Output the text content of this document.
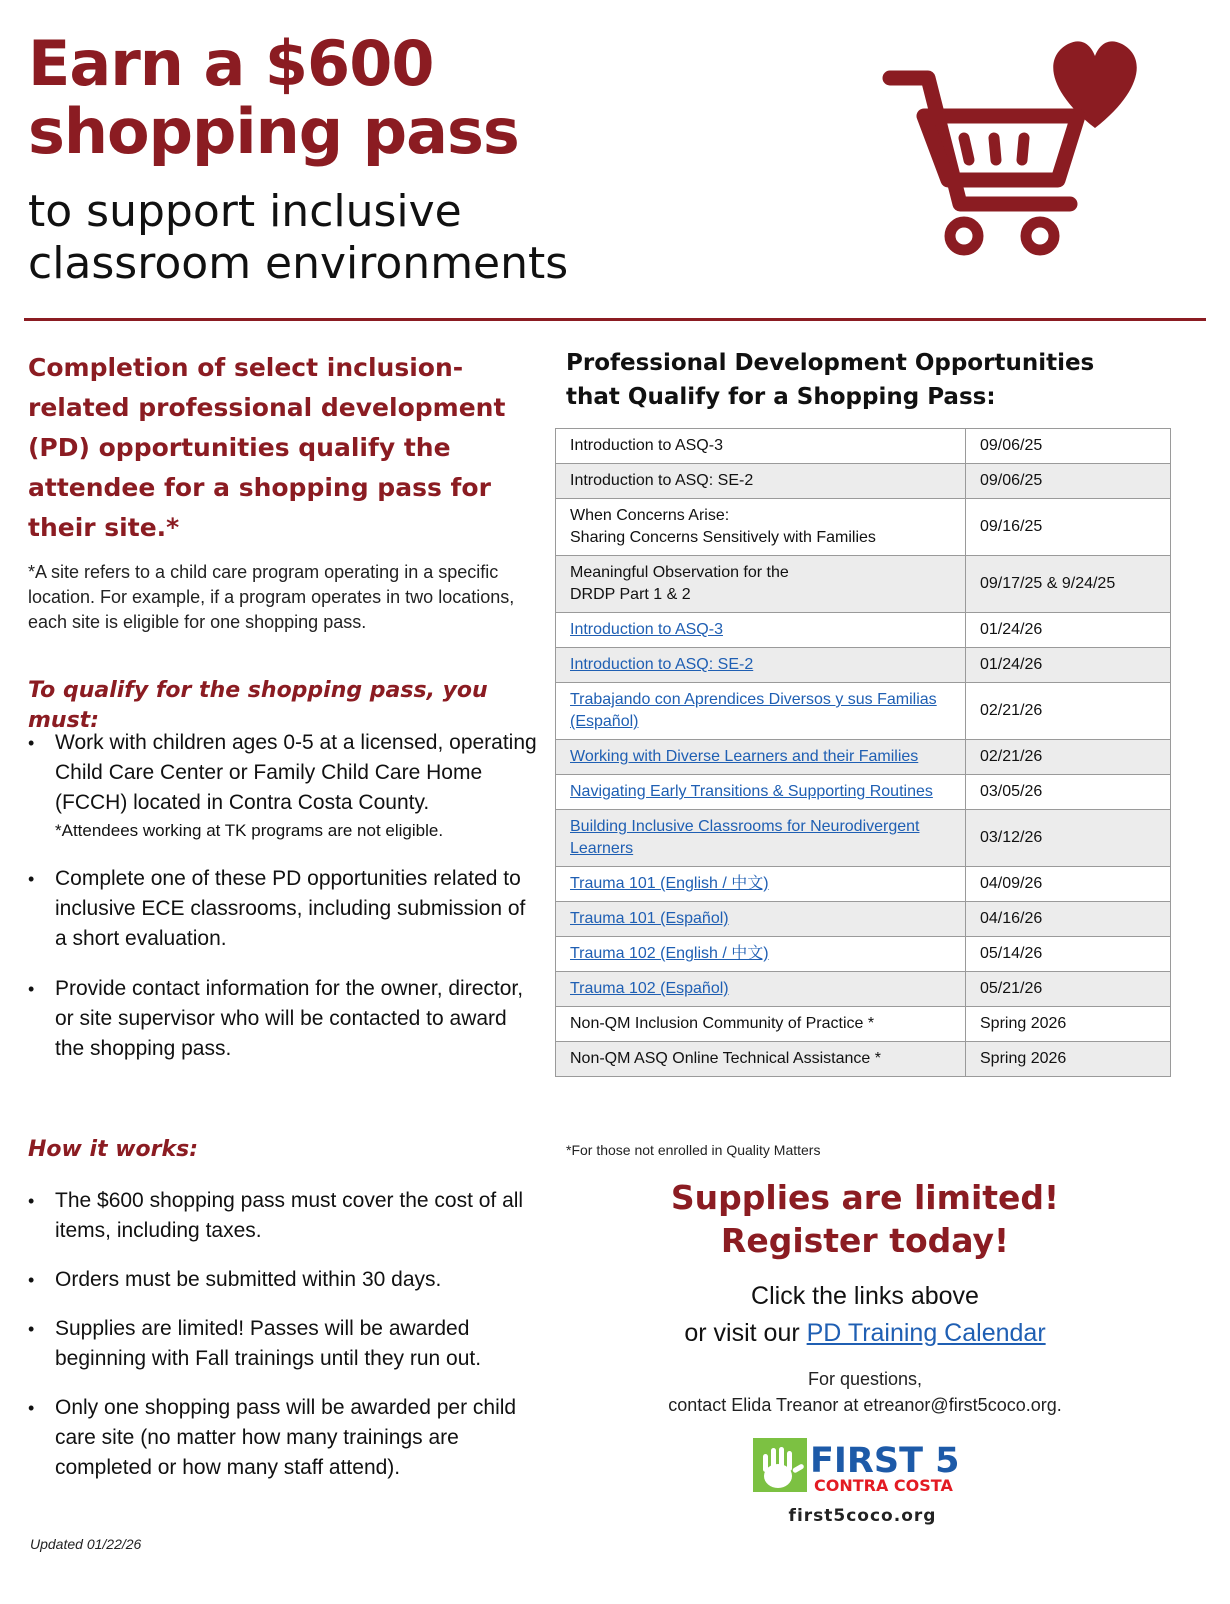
Earn a $600
shopping pass
to support inclusive
classroom environments
Completion of select inclusion-related professional development (PD) opportunities qualify the attendee for a shopping pass for their site.*
*A site refers to a child care program operating in a specific location. For example, if a program operates in two locations, each site is eligible for one shopping pass.
To qualify for the shopping pass, you must:
• Work with children ages 0-5 at a licensed, operating Child Care Center or Family Child Care Home (FCCH) located in Contra Costa County.
*Attendees working at TK programs are not eligible.
• Complete one of these PD opportunities related to inclusive ECE classrooms, including submission of a short evaluation.
• Provide contact information for the owner, director, or site supervisor who will be contacted to award the shopping pass.
How it works:
• The $600 shopping pass must cover the cost of all items, including taxes.
• Orders must be submitted within 30 days.
• Supplies are limited! Passes will be awarded beginning with Fall trainings until they run out.
• Only one shopping pass will be awarded per child care site (no matter how many trainings are completed or how many staff attend).
Professional Development Opportunities
that Qualify for a Shopping Pass:
Introduction to ASQ-3	09/06/25

Introduction to ASQ: SE-2	09/06/25

When Concerns Arise:
Sharing Concerns Sensitively with Families	09/16/25

Meaningful Observation for the
DRDP Part 1 & 2	09/17/25 & 9/24/25
Introduction to ASQ-3	01/24/26
Introduction to ASQ: SE-2	01/24/26
Trabajando con Aprendices Diversos y sus Familias (Español)	02/21/26
Working with Diverse Learners and their Families	02/21/26
Navigating Early Transitions & Supporting Routines	03/05/26
Building Inclusive Classrooms for Neurodivergent Learners	03/12/26
Trauma 101 (English / 中文)	04/09/26
Trauma 101 (Español)	04/16/26
Trauma 102 (English / 中文)	05/14/26
Trauma 102 (Español)	05/21/26

Non-QM Inclusion Community of Practice *	Spring 2026

Non-QM ASQ Online Technical Assistance *	Spring 2026
*For those not enrolled in Quality Matters
Supplies are limited!
Register today!
Click the links above
or visit our PD Training Calendar
For questions,
contact Elida Treanor at etreanor@first5coco.org.
FIRST 5
CONTRA COSTA
first5coco.org
Updated 01/22/26
